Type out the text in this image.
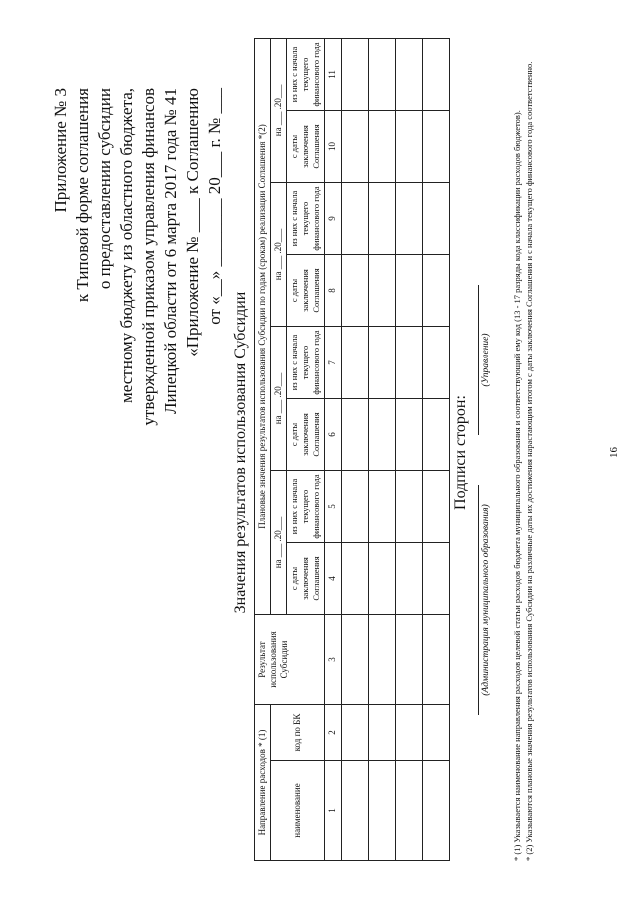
Приложение № 3 к Типовой форме соглашения о предоставлении субсидии местному бюджету из областного бюджета, утвержденной приказом управления финансов Липецкой области от 6 марта 2017 года № 41 «Приложение № ____ к Соглашению от «__» ________ 20___ г. № ___
Значения результатов использования Субсидии
Направление расходов * (1)		Результат использования Субсидии	Плановые значения результатов использования Субсидии по годам (срокам) реализации Соглашения *(2)							
наименование	код по БК		на ___ .20___		на ___ .20___		на ___ .20___		на ___ .20___	
			с даты заключения Соглашения	из них с начала текущего финансового года	с даты заключения Соглашения	из них с начала текущего финансового года	с даты заключения Соглашения	из них с начала текущего финансового года	с даты заключения Соглашения	из них с начала текущего финансового года
1	2	3	4	5	6	7	8	9	10	11

Подписи сторон:
(Администрация муниципального образования)
(Управление) * (1) Указывается наименование направления расходов целевой статьи расходов бюджета муниципального образования и соответствующий ему код (13 - 17 разряды кода классификации расходов бюджетов). * (2) Указываются плановые значения результатов использования Субсидии на различные даты их достижения нарастающим итогом с даты заключения Соглашения и с начала текущего финансового года соответственно.	16
